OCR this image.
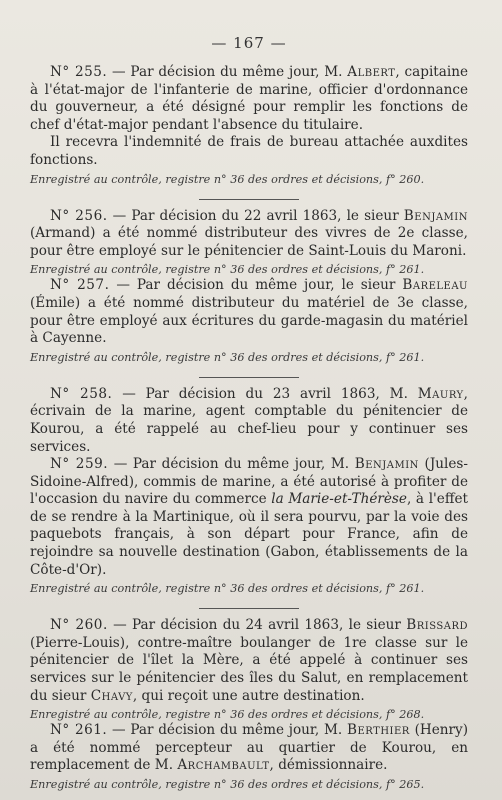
— 167 —

N° 255. — Par décision du même jour, M. Albert, capitaine à l'état-major de l'infanterie de marine, officier d'ordonnance du gouverneur, a été désigné pour remplir les fonctions de chef d'état-major pendant l'absence du titulaire.

Il recevra l'indemnité de frais de bureau attachée auxdites fonctions.

Enregistré au contrôle, registre n° 36 des ordres et décisions, f° 260.

N° 256. — Par décision du 22 avril 1863, le sieur Benjamin (Armand) a été nommé distributeur des vivres de 2e classe, pour être employé sur le pénitencier de Saint-Louis du Maroni.

Enregistré au contrôle, registre n° 36 des ordres et décisions, f° 261.

N° 257. — Par décision du même jour, le sieur Bareleau (Émile) a été nommé distributeur du matériel de 3e classe, pour être employé aux écritures du garde-magasin du matériel à Cayenne.

Enregistré au contrôle, registre n° 36 des ordres et décisions, f° 261.

N° 258. — Par décision du 23 avril 1863, M. Maury, écrivain de la marine, agent comptable du pénitencier de Kourou, a été rappelé au chef-lieu pour y continuer ses services.

N° 259. — Par décision du même jour, M. Benjamin (Jules-Sidoine-Alfred), commis de marine, a été autorisé à profiter de l'occasion du navire du commerce la Marie-et-Thérèse, à l'effet de se rendre à la Martinique, où il sera pourvu, par la voie des paquebots français, à son départ pour France, afin de rejoindre sa nouvelle destination (Gabon, établissements de la Côte-d'Or).

Enregistré au contrôle, registre n° 36 des ordres et décisions, f° 261.

N° 260. — Par décision du 24 avril 1863, le sieur Brissard (Pierre-Louis), contre-maître boulanger de 1re classe sur le pénitencier de l'îlet la Mère, a été appelé à continuer ses services sur le pénitencier des îles du Salut, en remplacement du sieur Chavy, qui reçoit une autre destination.

Enregistré au contrôle, registre n° 36 des ordres et décisions, f° 268.

N° 261. — Par décision du même jour, M. Berthier (Henry) a été nommé percepteur au quartier de Kourou, en remplacement de M. Archambault, démissionnaire.

Enregistré au contrôle, registre n° 36 des ordres et décisions, f° 265.
